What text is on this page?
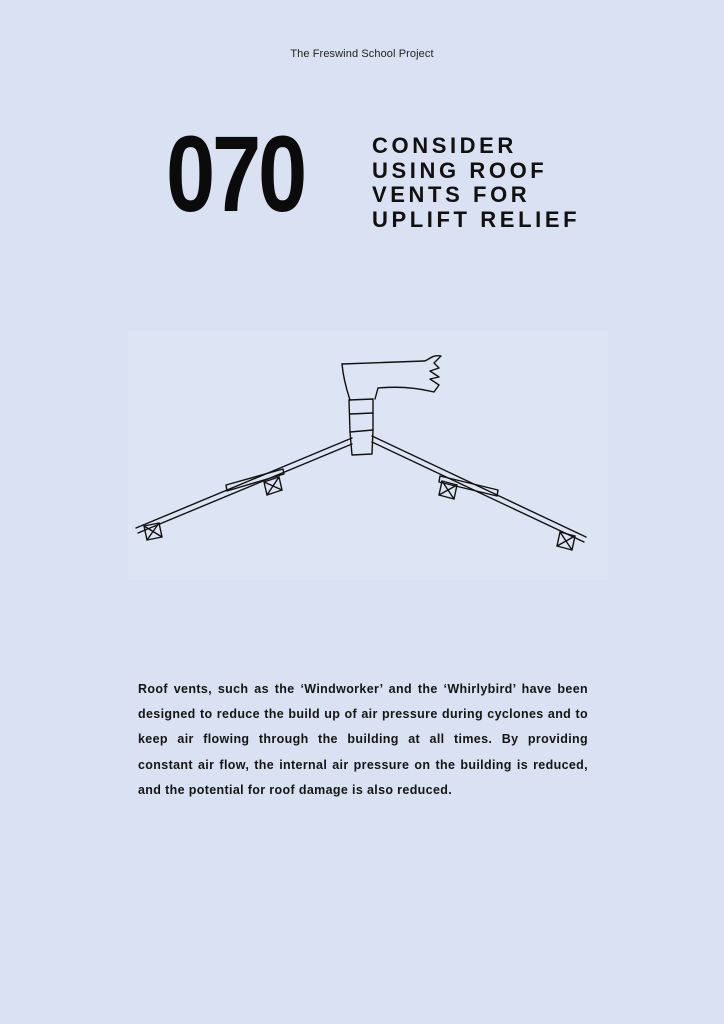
The Freswind School Project
070	CONSIDER
USING ROOF
VENTS FOR
UPLIFT RELIEF
Roof vents, such as the ‘Windworker’ and the ‘Whirlybird’ have been designed to reduce the build up of air pressure during cyclones and to keep air flowing through the building at all times. By providing constant air flow, the internal air pressure on the building is reduced, and the potential for roof damage is also reduced.
